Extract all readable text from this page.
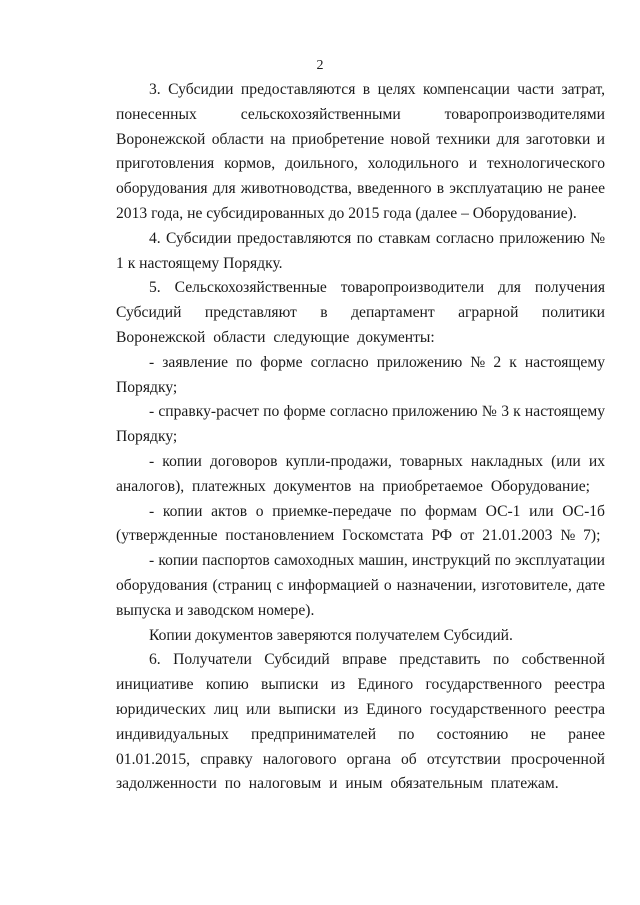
2

3. Субсидии предоставляются в целях компенсации части затрат, понесенных сельскохозяйственными товаропроизводителями Воронежской области на приобретение новой техники для заготовки и приготовления кормов, доильного, холодильного и технологического оборудования для животноводства, введенного в эксплуатацию не ранее 2013 года, не субсидированных до 2015 года (далее – Оборудование).

4. Субсидии предоставляются по ставкам согласно приложению № 1 к настоящему Порядку.

5. Сельскохозяйственные товаропроизводители для получения Субсидий представляют в департамент аграрной политики Воронежской области следующие документы:

- заявление по форме согласно приложению № 2 к настоящему Порядку;

- справку-расчет по форме согласно приложению № 3 к настоящему Порядку;

- копии договоров купли-продажи, товарных накладных (или их аналогов), платежных документов на приобретаемое Оборудование;

- копии актов о приемке-передаче по формам ОС-1 или ОС-1б (утвержденные постановлением Госкомстата РФ от 21.01.2003 № 7);

- копии паспортов самоходных машин, инструкций по эксплуатации оборудования (страниц с информацией о назначении, изготовителе, дате выпуска и заводском номере).

Копии документов заверяются получателем Субсидий.

6. Получатели Субсидий вправе представить по собственной инициативе копию выписки из Единого государственного реестра юридических лиц или выписки из Единого государственного реестра индивидуальных предпринимателей по состоянию не ранее 01.01.2015, справку налогового органа об отсутствии просроченной задолженности по налоговым и иным обязательным платежам.
